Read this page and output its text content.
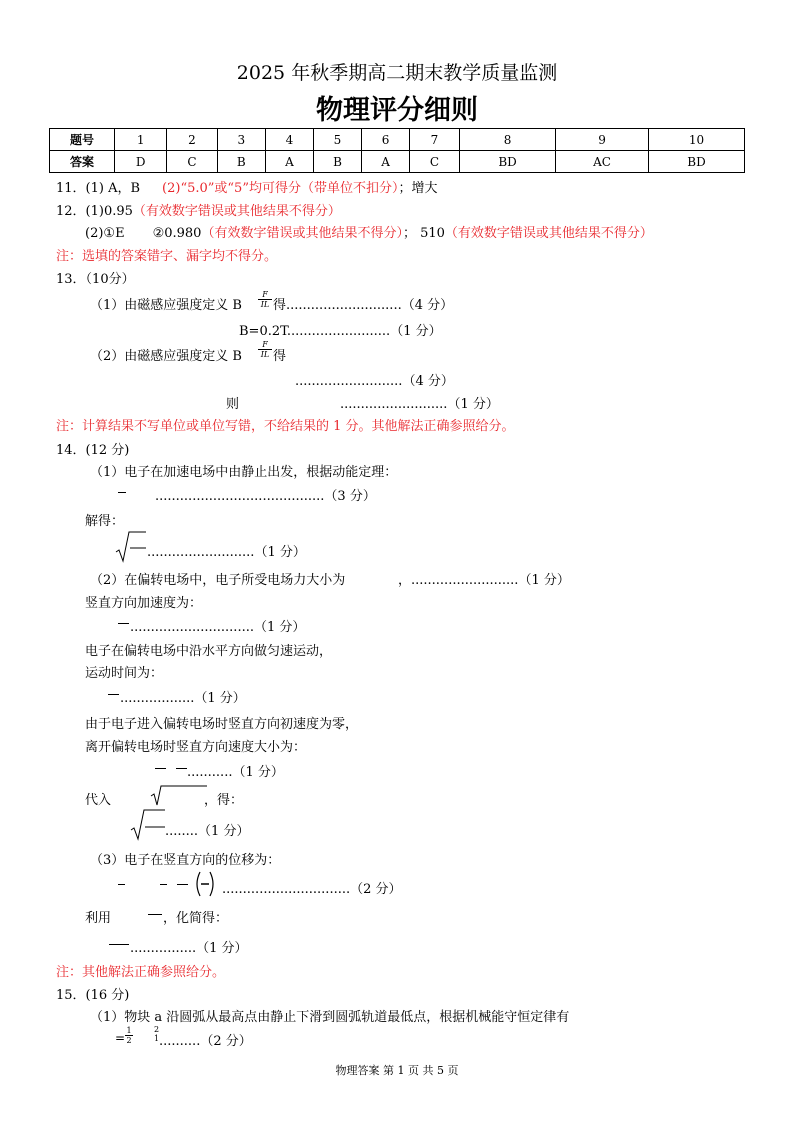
2025 年秋季期高二期末教学质量监测
物理评分细则
题号	1	2	3	4	5	6	7	8	9	10
答案	D	C	B	A	B	A	C	BD	AC	BD
11．(1) A，B (2)“5.0”或“5”均可得分（带单位不扣分）；增大
12．(1)0.95（有效数字错误或其他结果不得分）
(2)①E ②0.980（有效数字错误或其他结果不得分）； 510（有效数字错误或其他结果不得分）
注：选填的答案错字、漏字均不得分。
13．（10分）
（1）由磁感应强度定义 B $\frac{F}{IL}$ 得............................（4 分）
B=0.2T.........................（1 分）
（2）由磁感应强度定义 B $\frac{F}{IL}$ 得
..........................（4 分）
则	..........................（1 分）
注：计算结果不写单位或单位写错，不给结果的 1 分。其他解法正确参照给分。
14．(12 分)
（1）电子在加速电场中由静止出发，根据动能定理：
.........................................（3 分）
解得：
..........................（1 分）
（2）在偏转电场中，电子所受电场力大小为	，..........................（1 分）
竖直方向加速度为：
..............................（1 分）
电子在偏转电场中沿水平方向做匀速运动，
运动时间为：
..................（1 分）
由于电子进入偏转电场时竖直方向初速度为零，
离开偏转电场时竖直方向速度大小为：
...........（1 分）
代入	，得：
........（1 分）
（3）电子在竖直方向的位移为：
...............................（2 分）
利用	，化简得：
................（1 分）
注：其他解法正确参照给分。
15．(16 分)
（1）物块 a 沿圆弧从最高点由静止下滑到圆弧轨道最低点，根据机械能守恒定律有
= $\frac{1}{2}$	2
1 ..........（2 分）
物理答案 第 1 页 共 5 页
